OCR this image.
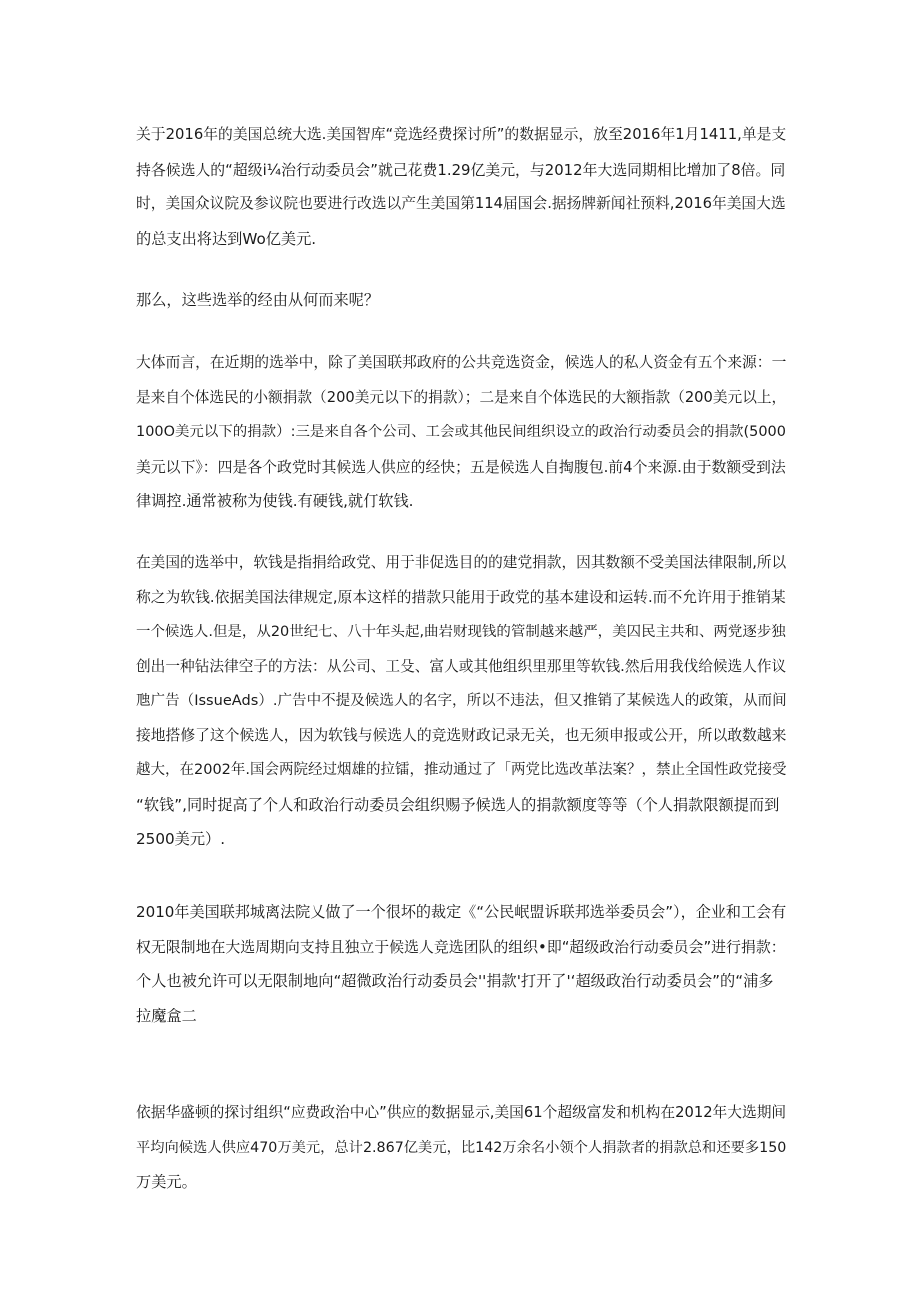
关于2016年的美国总统大选.美国智库“竞选经费探讨所”的数据显示，放至2016年1月1411,单是支
持各候选人的“超级i¼治行动委员会”就己花费1.29亿美元，与2012年大选同期相比增加了8倍。同
时，美国众议院及参议院也要进行改选以产生美国第114届国会.据扬牌新闻社预料,2016年美国大选
的总支出将达到Wo亿美元.

那么，这些选举的经由从何而来呢？

大体而言，在近期的选举中，除了美国联邦政府的公共竞选资金，候选人的私人资金有五个来源：一
是来自个体选民的小额捐款（200美元以下的捐款）；二是来自个体选民的大额指款（200美元以上，
100O美元以下的捐款）:三是来自各个公司、工会或其他民间组织设立的政治行动委员会的捐款(5000
美元以下》：四是各个政党时其候选人供应的经快；五是候选人自掏腹包.前4个来源.由于数额受到法
律调控.通常被称为使钱.有硬钱,就仃软钱.

在美国的选举中，软钱是指捐给政党、用于非促选目的的建党捐款，因其数额不受美国法律限制,所以
称之为软钱.依据美国法律规定,原本这样的措款只能用于政党的基本建设和运转.而不允许用于推销某
一个候选人.但是，从20世纪七、八十年头起,曲岩财现钱的管制越来越严，美囚民主共和、两党逐步独
创出一种钻法律空子的方法：从公司、工殳、富人或其他组织里那里等软钱.然后用我伐给候选人作议
虺广告（IssueAds）.广告中不提及候选人的名字，所以不违法，但又推销了某候选人的政策，从而间
接地搭修了这个候选人，因为软钱与候选人的竞选财政记录无关，也无须申报或公开，所以敢数越来
越大，在2002年.国会两院经过烟雄的拉镭，推动通过了「两党比选改革法案？，禁止全国性政党接受
“软钱”,同时捉高了个人和政治行动委员会组织赐予候选人的捐款额度等等（个人捐款限额提而到
2500美元）.

2010年美国联邦城离法院乂做了一个很坏的裁定《“公民岷盟诉联邦选举委员会”），企业和工会有
权无限制地在大选周期向支持且独立于候选人竞选团队的组织•即“超级政治行动委员会”进行捐款：
个人也被允许可以无限制地向“超微政治行动委员会''捐款'打开了'‘超级政治行动委员会”的“浦多
拉魔盒二

依据华盛顿的探讨组织“应费政治中心”供应的数据显示,美国61个超级富发和机构在2012年大选期间
平均向候选人供应470万美元，总计2.867亿美元，比142万余名小领个人捐款者的捐款总和还要多150
万美元。
